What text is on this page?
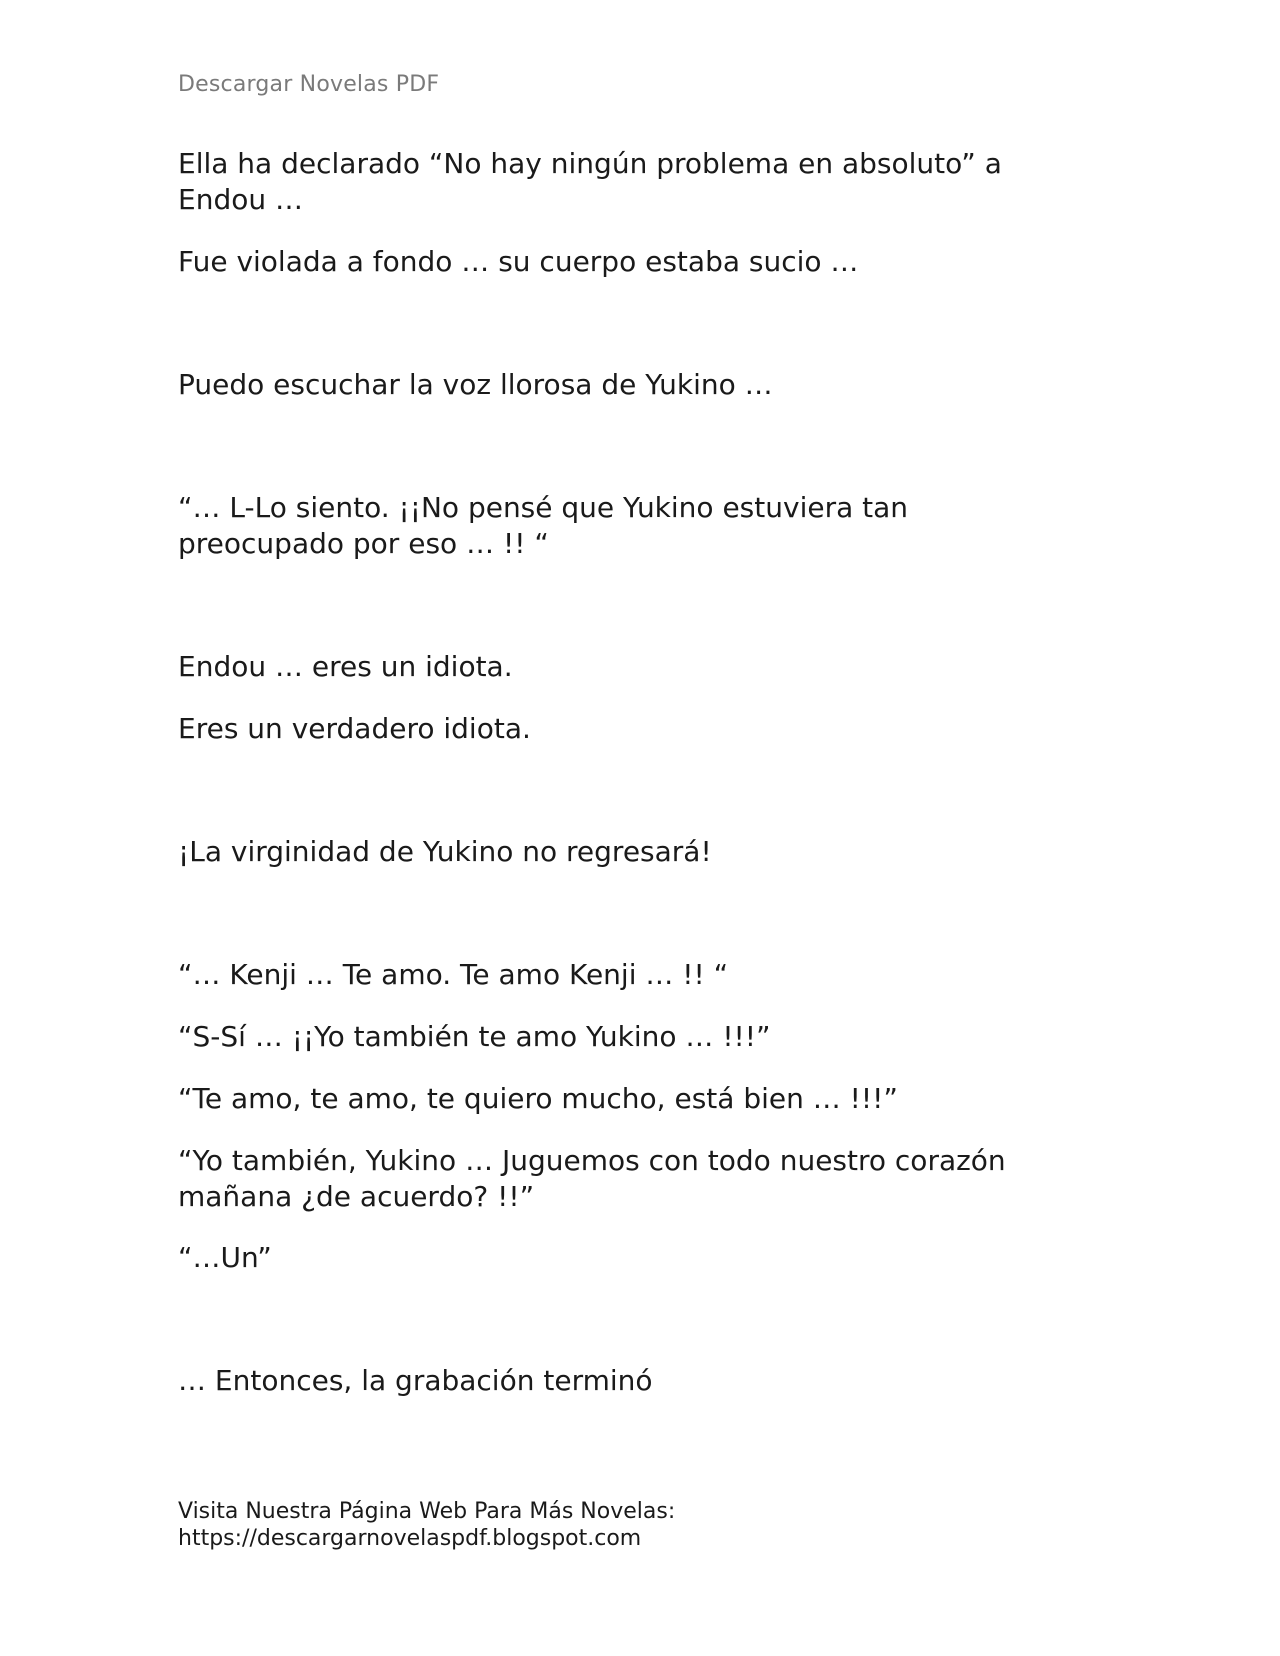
Descargar Novelas PDF
Ella ha declarado “No hay ningún problema en absoluto” a Endou …
Fue violada a fondo … su cuerpo estaba sucio …
Puedo escuchar la voz llorosa de Yukino …
“… L-Lo siento. ¡¡No pensé que Yukino estuviera tan preocupado por eso … !! “
Endou … eres un idiota.
Eres un verdadero idiota.
¡La virginidad de Yukino no regresará!
“… Kenji … Te amo. Te amo Kenji … !! “
“S-Sí … ¡¡Yo también te amo Yukino … !!!”
“Te amo, te amo, te quiero mucho, está bien … !!!”
“Yo también, Yukino … Juguemos con todo nuestro corazón mañana ¿de acuerdo? !!”
“…Un”
… Entonces, la grabación terminó
Visita Nuestra Página Web Para Más Novelas:
https://descargarnovelaspdf.blogspot.com
